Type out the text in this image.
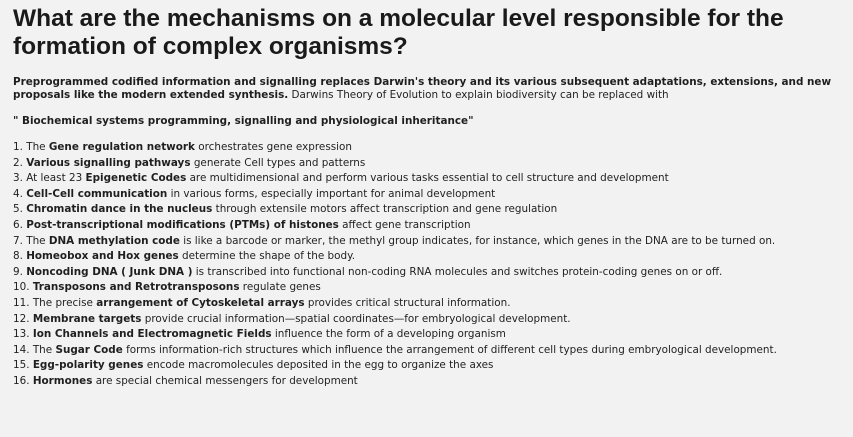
What are the mechanisms on a molecular level responsible for the formation of complex organisms?
Preprogrammed codified information and signalling replaces Darwin's theory and its various subsequent adaptations, extensions, and new proposals like the modern extended synthesis. Darwins Theory of Evolution to explain biodiversity can be replaced with
" Biochemical systems programming, signalling and physiological inheritance"
1. The Gene regulation network orchestrates gene expression
2. Various signalling pathways generate Cell types and patterns
3. At least 23 Epigenetic Codes are multidimensional and perform various tasks essential to cell structure and development
4. Cell-Cell communication in various forms, especially important for animal development
5. Chromatin dance in the nucleus through extensile motors affect transcription and gene regulation
6. Post-transcriptional modifications (PTMs) of histones affect gene transcription
7. The DNA methylation code is like a barcode or marker, the methyl group indicates, for instance, which genes in the DNA are to be turned on.
8. Homeobox and Hox genes determine the shape of the body.
9. Noncoding DNA ( Junk DNA ) is transcribed into functional non-coding RNA molecules and switches protein-coding genes on or off.
10. Transposons and Retrotransposons regulate genes
11. The precise arrangement of Cytoskeletal arrays provides critical structural information.
12. Membrane targets provide crucial information—spatial coordinates—for embryological development.
13. Ion Channels and Electromagnetic Fields influence the form of a developing organism
14. The Sugar Code forms information-rich structures which influence the arrangement of different cell types during embryological development.
15. Egg-polarity genes encode macromolecules deposited in the egg to organize the axes
16. Hormones are special chemical messengers for development
